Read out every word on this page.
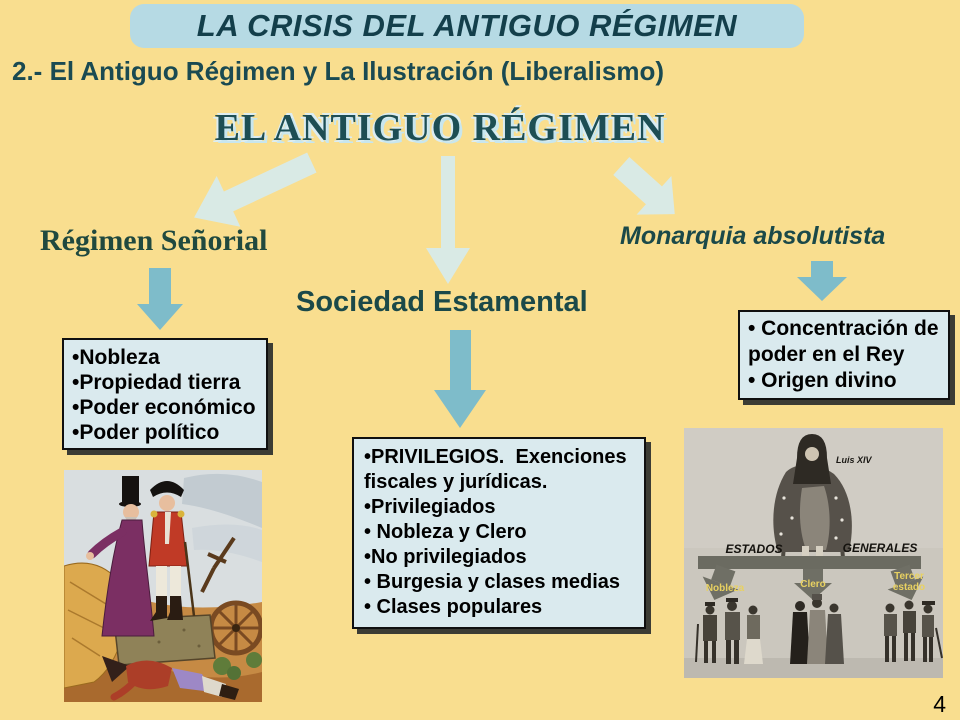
LA CRISIS DEL ANTIGUO RÉGIMEN
2.- El Antiguo Régimen y La Ilustración (Liberalismo)
EL ANTIGUO RÉGIMEN
Régimen Señorial
Sociedad Estamental
Monarquia absolutista
•Nobleza
•Propiedad tierra
•Poder económico
•Poder político
•PRIVILEGIOS.  Exenciones fiscales y jurídicas.
•Privilegiados
• Nobleza y Clero
•No privilegiados
• Burgesia y clases medias
• Clases populares
• Concentración de poder en el Rey
• Origen divino
Luis XIV
ESTADOS	GENERALES
Nobleza	Clero
Tercer
estado
4
